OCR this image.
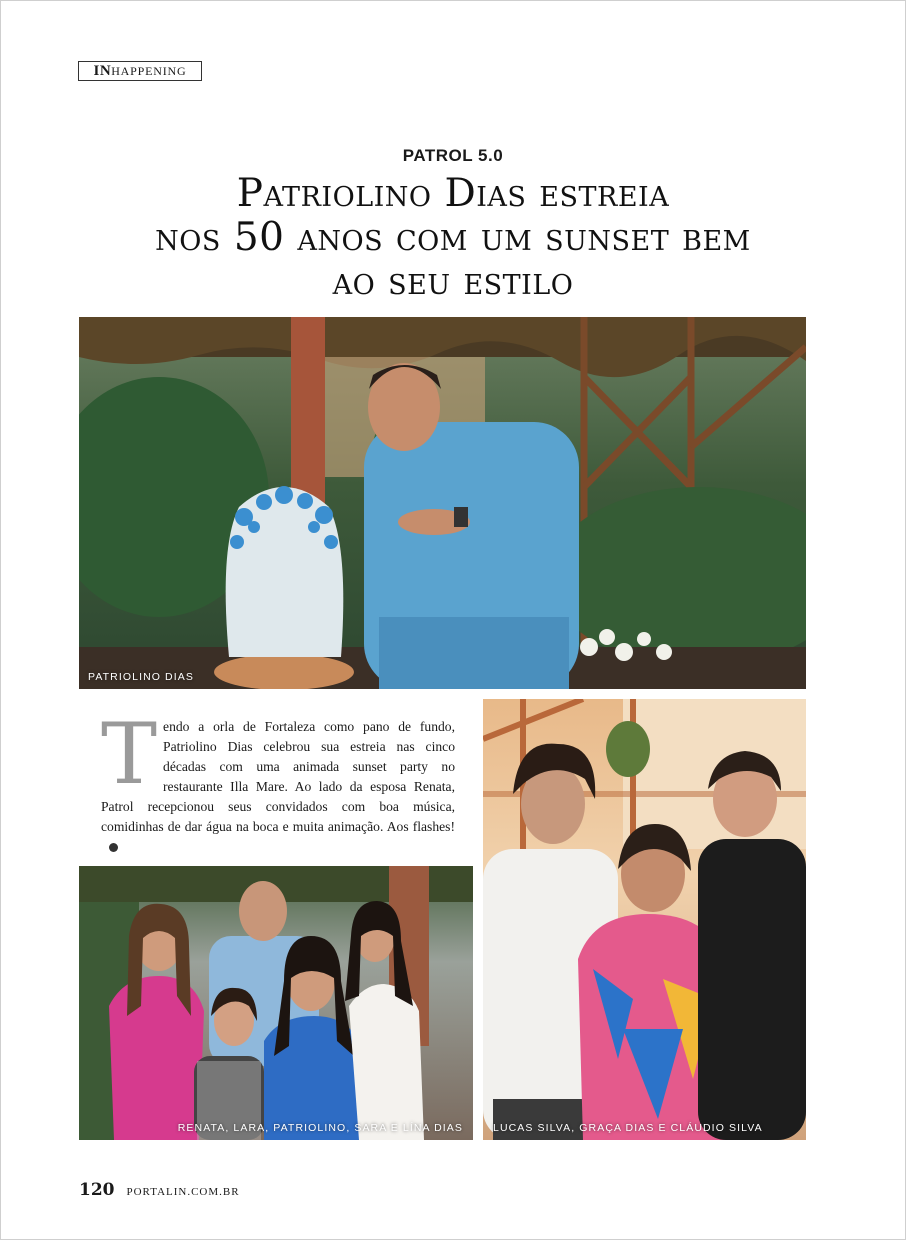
IN HAPPENING
PATROL 5.0
Patriolino Dias estreia
nos 50 anos com um sunset bem
ao seu estilo
PATRIOLINO DIAS
LUCAS SILVA, GRAÇA DIAS E CLÁUDIO SILVA
Tendo a orla de Fortaleza como pano de fundo, Patriolino Dias celebrou sua estreia nas cinco décadas com uma animada sunset party no restaurante Illa Mare. Ao lado da esposa Renata, Patrol recepcionou seus convidados com boa música, comidinhas de dar água na boca e muita animação. Aos flashes!
RENATA, LARA, PATRIOLINO, SARA E LÍNA DIAS
120 PORTALIN.COM.BR
